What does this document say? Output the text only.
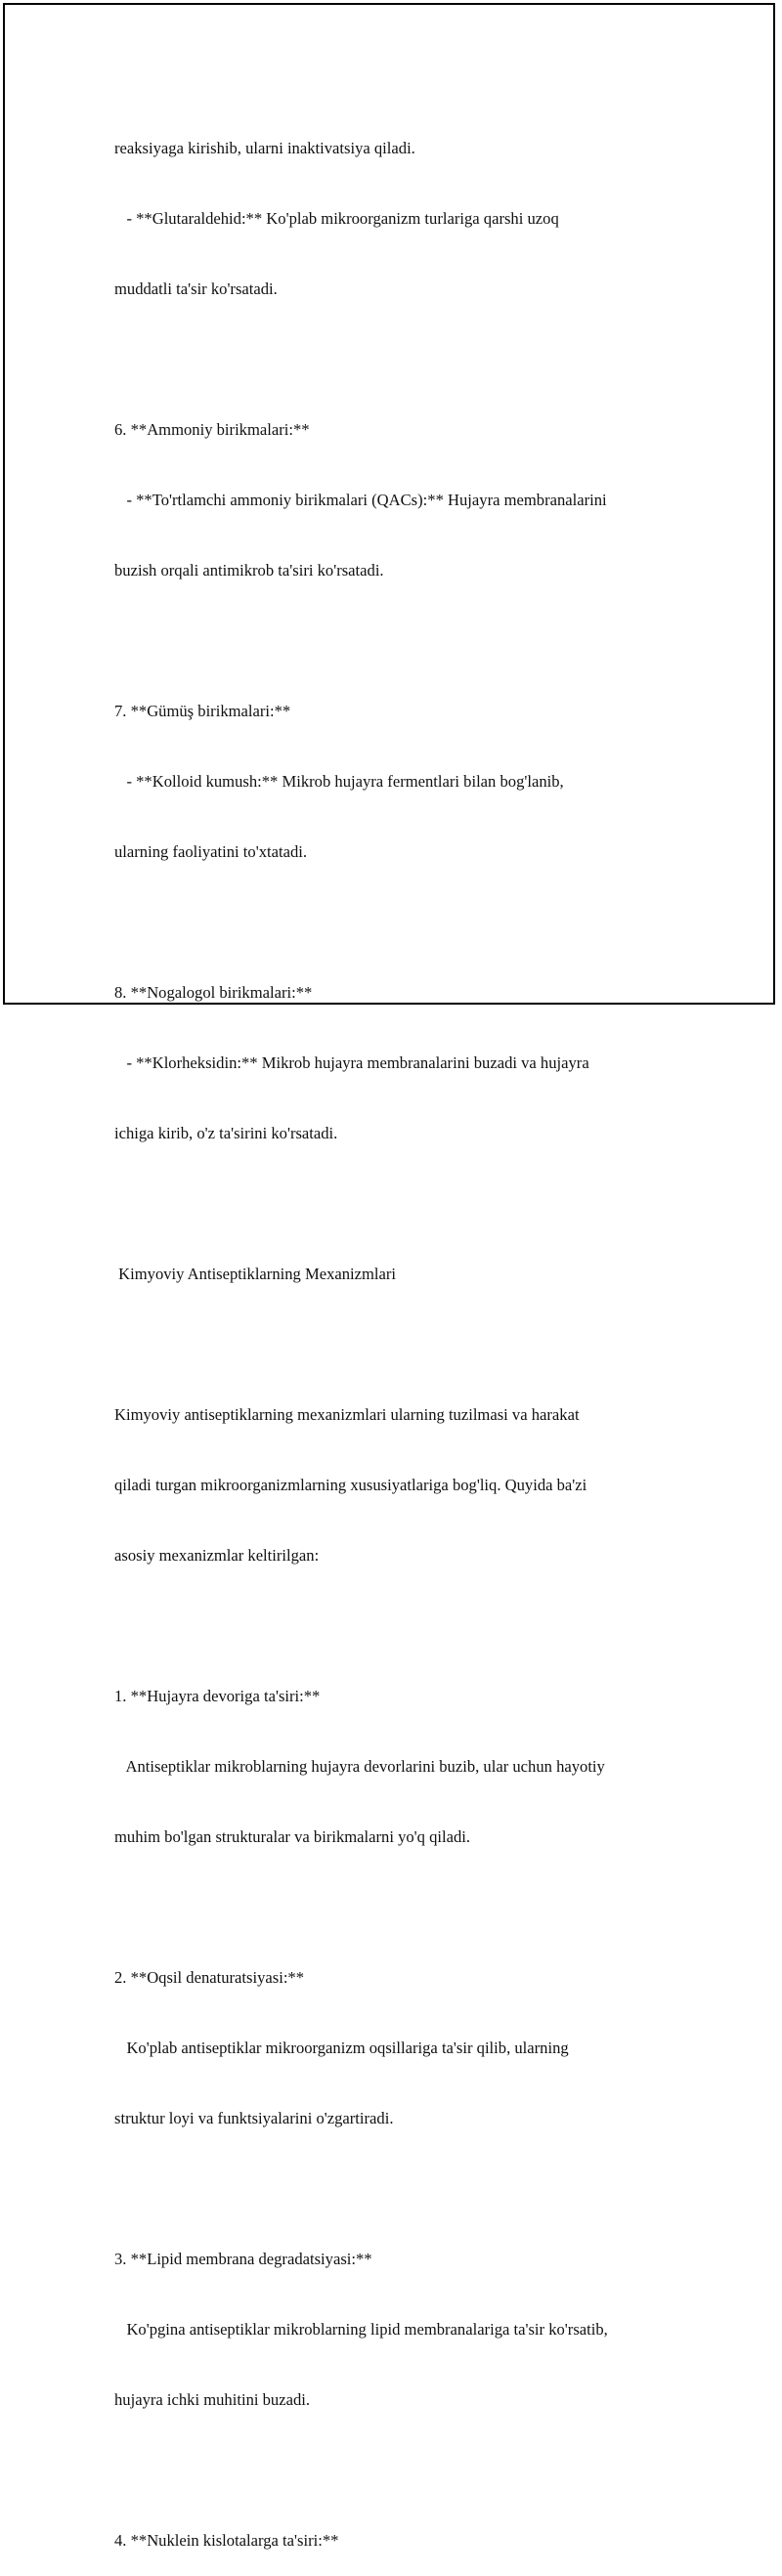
reaksiyaga kirishib, ularni inaktivatsiya qiladi.

- **Glutaraldehid:** Ko'plab mikroorganizm turlariga qarshi uzoq

muddatli ta'sir ko'rsatadi.

6. **Ammoniy birikmalari:**

- **To'rtlamchi ammoniy birikmalari (QACs):** Hujayra membranalarini

buzish orqali antimikrob ta'siri ko'rsatadi.

7. **Gümüş birikmalari:**

- **Kolloid kumush:** Mikrob hujayra fermentlari bilan bog'lanib,

ularning faoliyatini to'xtatadi.

8. **Nogalogol birikmalari:**

- **Klorheksidin:** Mikrob hujayra membranalarini buzadi va hujayra

ichiga kirib, o'z ta'sirini ko'rsatadi.

Kimyoviy Antiseptiklarning Mexanizmlari

Kimyoviy antiseptiklarning mexanizmlari ularning tuzilmasi va harakat

qiladi turgan mikroorganizmlarning xususiyatlariga bog'liq. Quyida ba'zi

asosiy mexanizmlar keltirilgan:

1. **Hujayra devoriga ta'siri:**

Antiseptiklar mikroblarning hujayra devorlarini buzib, ular uchun hayotiy

muhim bo'lgan strukturalar va birikmalarni yo'q qiladi.

2. **Oqsil denaturatsiyasi:**

Ko'plab antiseptiklar mikroorganizm oqsillariga ta'sir qilib, ularning

struktur loyi va funktsiyalarini o'zgartiradi.

3. **Lipid membrana degradatsiyasi:**

Ko'pgina antiseptiklar mikroblarning lipid membranalariga ta'sir ko'rsatib,

hujayra ichki muhitini buzadi.

4. **Nuklein kislotalarga ta'siri:**
